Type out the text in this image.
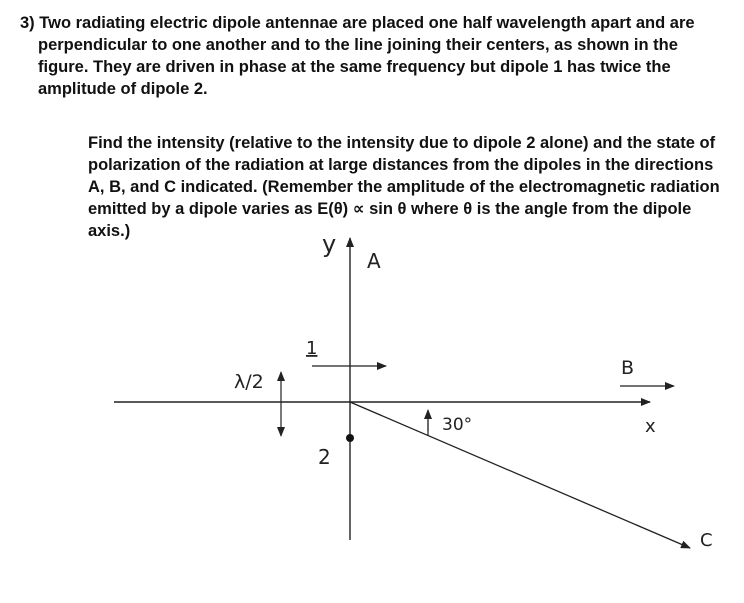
3) Two radiating electric dipole antennae are placed one half wavelength apart and are perpendicular to one another and to the line joining their centers, as shown in the figure. They are driven in phase at the same frequency but dipole 1 has twice the amplitude of dipole 2.
Find the intensity (relative to the intensity due to dipole 2 alone) and the state of polarization of the radiation at large distances from the dipoles in the directions A, B, and C indicated. (Remember the amplitude of the electromagnetic radiation emitted by a dipole varies as E(θ) ∝ sin θ where θ is the angle from the dipole axis.)	y
A
1
λ/2
2
30°
B
x
C
